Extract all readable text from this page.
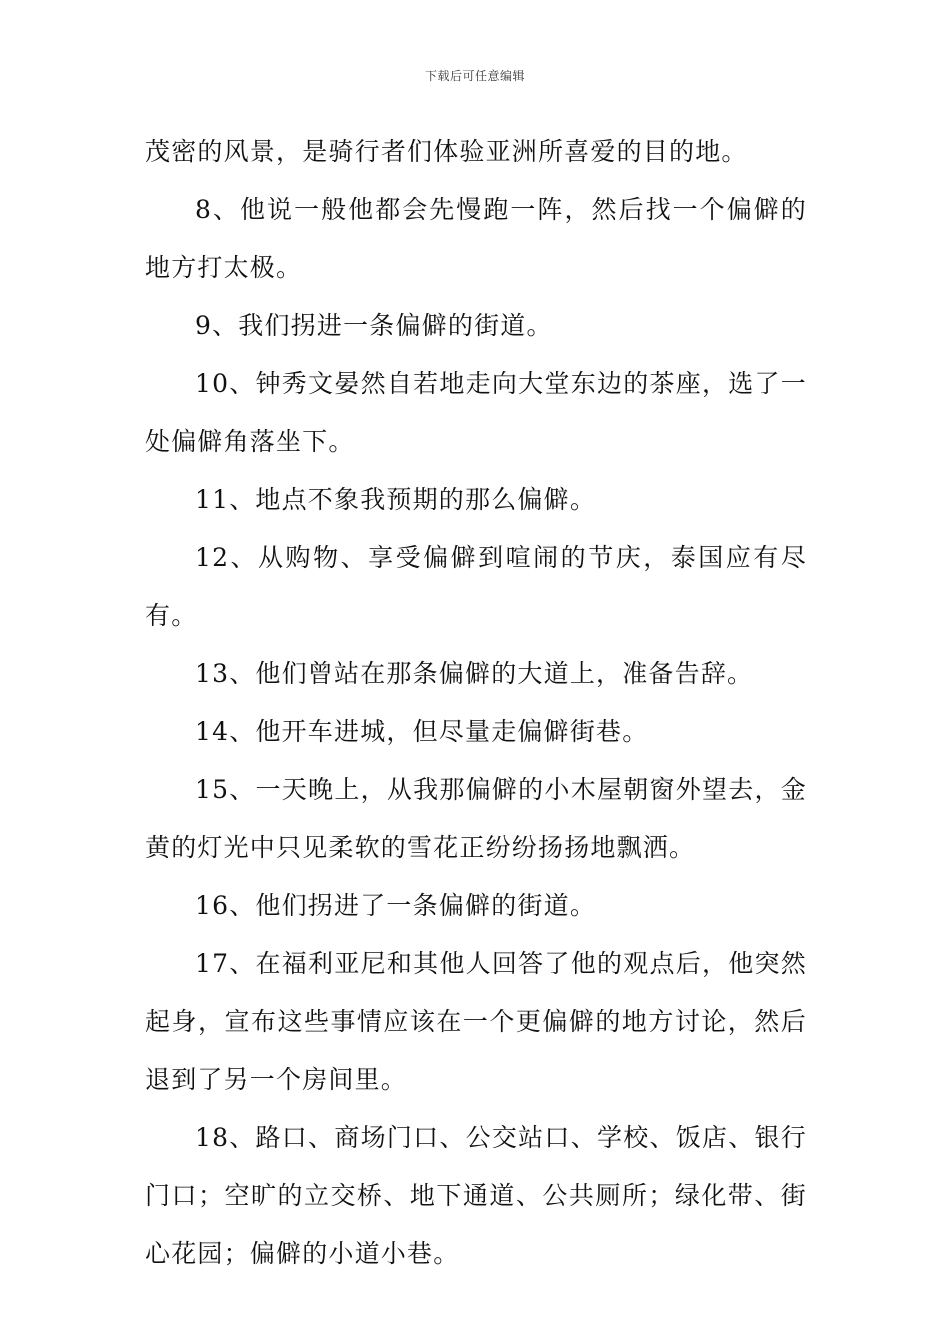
下载后可任意编辑

茂密的风景，是骑行者们体验亚洲所喜爱的目的地。

8、他说一般他都会先慢跑一阵，然后找一个偏僻的地方打太极。

9、我们拐进一条偏僻的街道。

10、钟秀文晏然自若地走向大堂东边的茶座，选了一处偏僻角落坐下。

11、地点不象我预期的那么偏僻。

12、从购物、享受偏僻到喧闹的节庆，泰国应有尽有。

13、他们曾站在那条偏僻的大道上，准备告辞。

14、他开车进城，但尽量走偏僻街巷。

15、一天晚上，从我那偏僻的小木屋朝窗外望去，金黄的灯光中只见柔软的雪花正纷纷扬扬地飘洒。

16、他们拐进了一条偏僻的街道。

17、在福利亚尼和其他人回答了他的观点后，他突然起身，宣布这些事情应该在一个更偏僻的地方讨论，然后退到了另一个房间里。

18、路口、商场门口、公交站口、学校、饭店、银行门口；空旷的立交桥、地下通道、公共厕所；绿化带、街心花园；偏僻的小道小巷。
